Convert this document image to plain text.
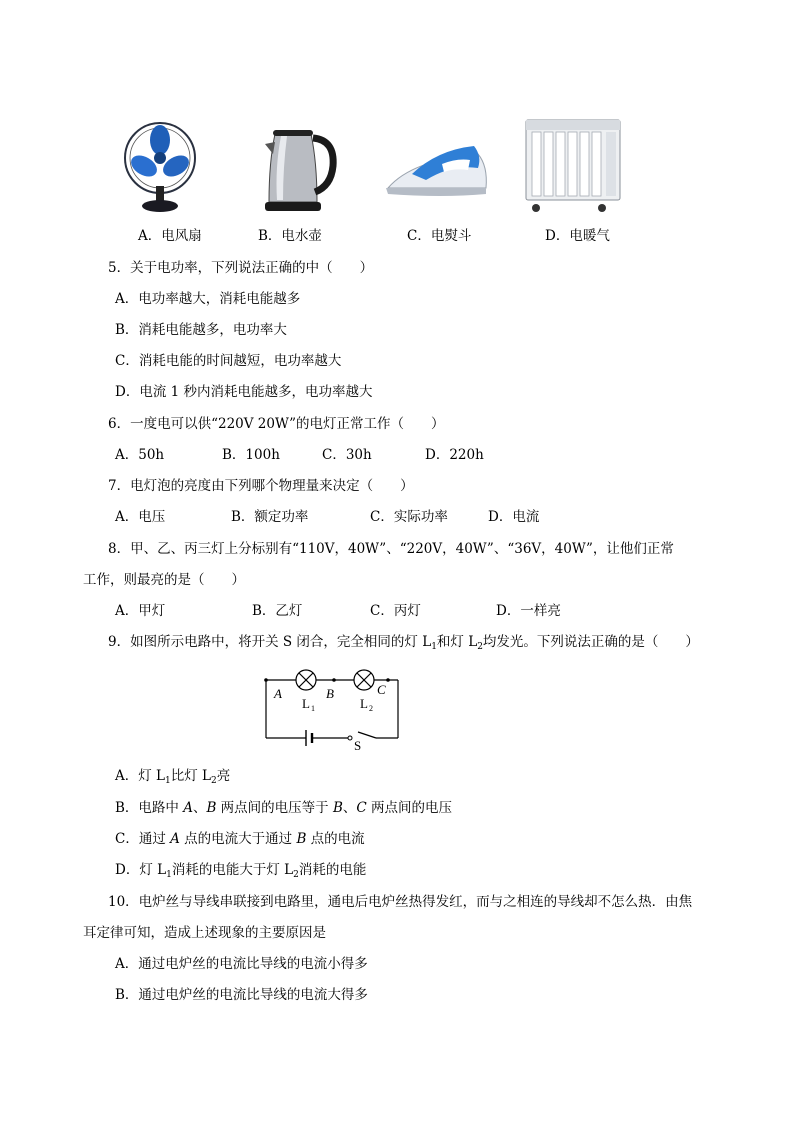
A．电风扇	B．电水壶	C．电熨斗	D．电暖气
5．关于电功率，下列说法正确的中（　　）
A．电功率越大，消耗电能越多
B．消耗电能越多，电功率大
C．消耗电能的时间越短，电功率越大
D．电流 1 秒内消耗电能越多，电功率越大
6．一度电可以供“220V 20W”的电灯正常工作（　　）
A．50h	B．100h	C．30h	D．220h
7．电灯泡的亮度由下列哪个物理量来决定（　　）
A．电压	B．额定功率	C．实际功率	D．电流
8．甲、乙、丙三灯上分标别有“110V，40W”、“220V，40W”、“36V，40W”，让他们正常
工作，则最亮的是（　　）
A．甲灯	B．乙灯	C．丙灯	D．一样亮
9．如图所示电路中，将开关 S 闭合，完全相同的灯 $L_1$和灯 $L_2$均发光。下列说法正确的是（　　）
A	B	C
L 1	L 2
S
A．灯 $L_1$比灯 $L_2$亮
B．电路中 A、B 两点间的电压等于 B、C 两点间的电压
C．通过 A 点的电流大于通过 B 点的电流
D．灯 $L_1$消耗的电能大于灯 $L_2$消耗的电能
10．电炉丝与导线串联接到电路里，通电后电炉丝热得发红，而与之相连的导线却不怎么热．由焦
耳定律可知，造成上述现象的主要原因是
A．通过电炉丝的电流比导线的电流小得多
B．通过电炉丝的电流比导线的电流大得多
